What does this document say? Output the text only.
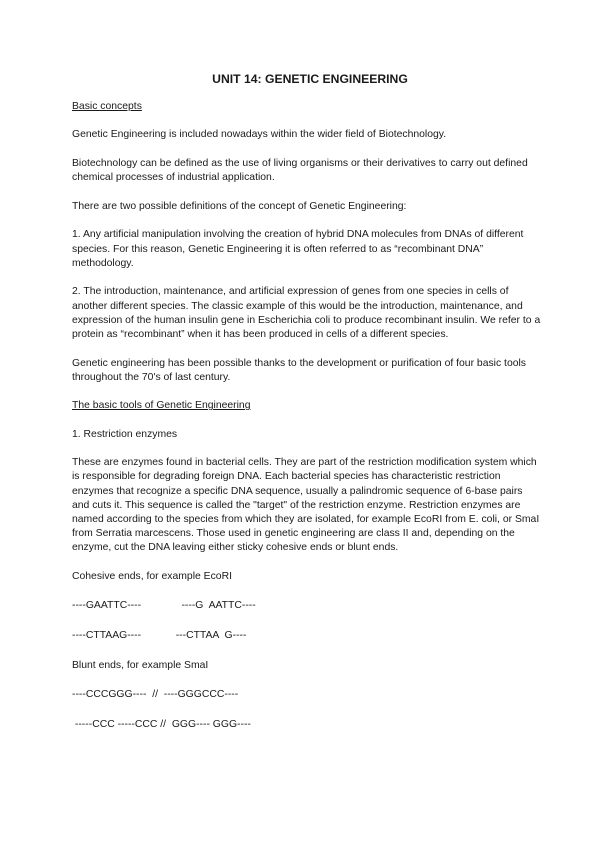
UNIT 14: GENETIC ENGINEERING
Basic concepts

Genetic Engineering is included nowadays within the wider field of Biotechnology.

Biotechnology can be defined as the use of living organisms or their derivatives to carry out defined chemical processes of industrial application.

There are two possible definitions of the concept of Genetic Engineering:

1. Any artificial manipulation involving the creation of hybrid DNA molecules from DNAs of different species. For this reason, Genetic Engineering it is often referred to as “recombinant DNA” methodology.

2. The introduction, maintenance, and artificial expression of genes from one species in cells of another different species. The classic example of this would be the introduction, maintenance, and expression of the human insulin gene in Escherichia coli to produce recombinant insulin. We refer to a protein as “recombinant” when it has been produced in cells of a different species.

Genetic engineering has been possible thanks to the development or purification of four basic tools throughout the 70's of last century.

The basic tools of Genetic Engineering

1. Restriction enzymes

These are enzymes found in bacterial cells. They are part of the restriction modification system which is responsible for degrading foreign DNA. Each bacterial species has characteristic restriction enzymes that recognize a specific DNA sequence, usually a palindromic sequence of 6-base pairs and cuts it. This sequence is called the "target" of the restriction enzyme. Restriction enzymes are named according to the species from which they are isolated, for example EcoRI from E. coli, or SmaI from Serratia marcescens. Those used in genetic engineering are class II and, depending on the enzyme, cut the DNA leaving either sticky cohesive ends or blunt ends.

Cohesive ends, for example EcoRI

----GAATTC----              ----G  AATTC----
----CTTAAG----            ---CTTAA  G----

Blunt ends, for example SmaI

----CCCGGG----  //  ----GGGCCC----
-----CCC -----CCC //  GGG---- GGG----
